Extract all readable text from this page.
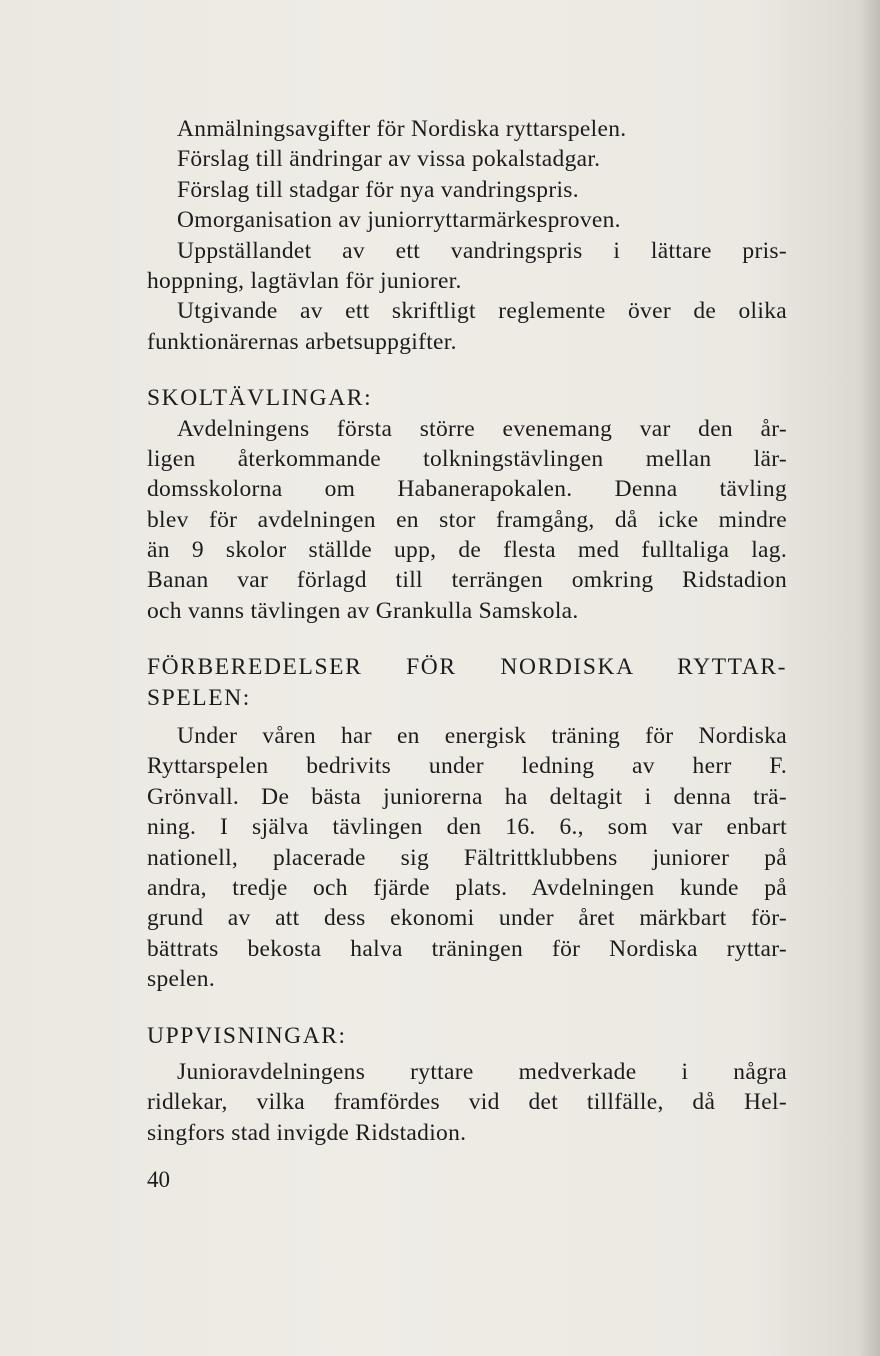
Anmälningsavgifter för Nordiska ryttarspelen.
Förslag till ändringar av vissa pokalstadgar.
Förslag till stadgar för nya vandringspris.
Omorganisation av juniorryttarmärkesproven.
Uppställandet av ett vandringspris i lättare pris-
hoppning, lagtävlan för juniorer.
Utgivande av ett skriftligt reglemente över de olika
funktionärernas arbetsuppgifter.
SKOLTÄVLINGAR:
Avdelningens första större evenemang var den år-
ligen återkommande tolkningstävlingen mellan lär-
domsskolorna om Habanerapokalen. Denna tävling
blev för avdelningen en stor framgång, då icke mindre
än 9 skolor ställde upp, de flesta med fulltaliga lag.
Banan var förlagd till terrängen omkring Ridstadion
och vanns tävlingen av Grankulla Samskola.
FÖRBEREDELSER FÖR NORDISKA RYTTAR-
SPELEN:
Under våren har en energisk träning för Nordiska
Ryttarspelen bedrivits under ledning av herr F.
Grönvall. De bästa juniorerna ha deltagit i denna trä-
ning. I själva tävlingen den 16. 6., som var enbart
nationell, placerade sig Fältrittklubbens juniorer på
andra, tredje och fjärde plats. Avdelningen kunde på
grund av att dess ekonomi under året märkbart för-
bättrats bekosta halva träningen för Nordiska ryttar-
spelen.
UPPVISNINGAR:
Junioravdelningens ryttare medverkade i några
ridlekar, vilka framfördes vid det tillfälle, då Hel-
singfors stad invigde Ridstadion.
40
